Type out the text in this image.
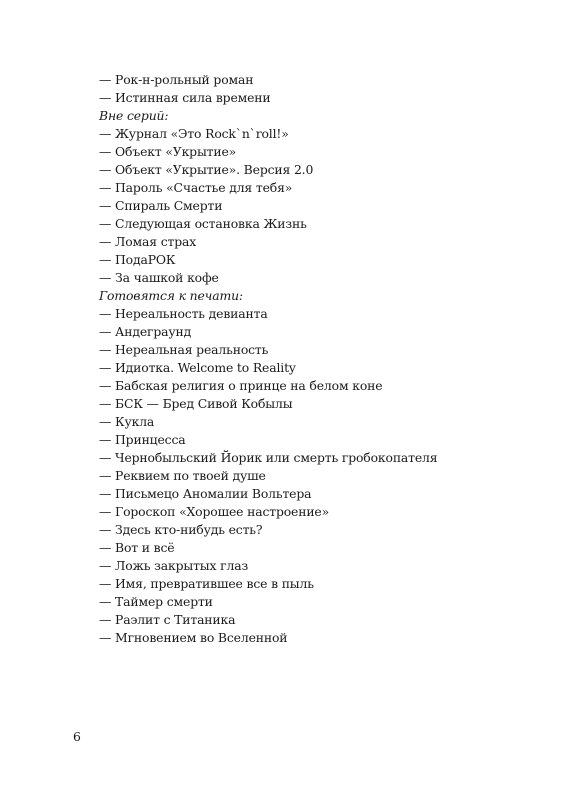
— Рок-н-рольный роман
— Истинная сила времени
Вне серий:
— Журнал «Это Rock`n`roll!»
— Объект «Укрытие»
— Объект «Укрытие». Версия 2.0
— Пароль «Счастье для тебя»
— Спираль Смерти
— Следующая остановка Жизнь
— Ломая страх
— ПодаРОК
— За чашкой кофе
Готовятся к печати:
— Нереальность девианта
— Андеграунд
— Нереальная реальность
— Идиотка. Welcome to Reality
— Бабская религия о принце на белом коне
— БСК — Бред Сивой Кобылы
— Кукла
— Принцесса
— Чернобыльский Йорик или смерть гробокопателя
— Реквием по твоей душе
— Письмецо Аномалии Вольтера
— Гороскоп «Хорошее настроение»
— Здесь кто-нибудь есть?
— Вот и всё
— Ложь закрытых глаз
— Имя, превратившее все в пыль
— Таймер смерти
— Раэлит с Титаника
— Мгновением во Вселенной
6
